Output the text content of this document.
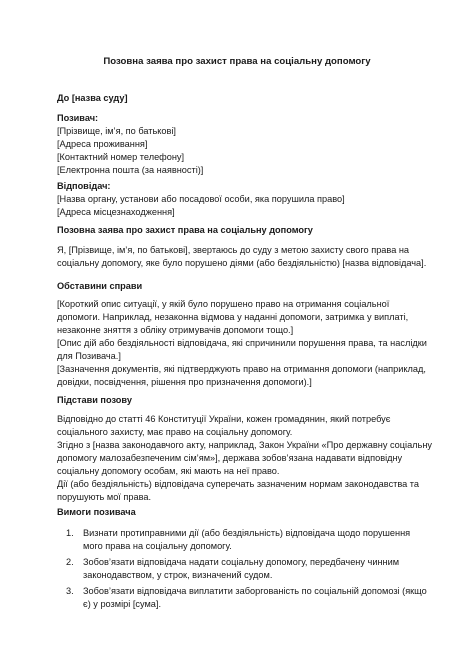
Позовна заява про захист права на соціальну допомогу
До [назва суду]
Позивач:
[Прізвище, ім’я, по батькові]
[Адреса проживання]
[Контактний номер телефону]
[Електронна пошта (за наявності)]
Відповідач:
[Назва органу, установи або посадової особи, яка порушила право]
[Адреса місцезнаходження]
Позовна заява про захист права на соціальну допомогу
Я, [Прізвище, ім’я, по батькові], звертаюсь до суду з метою захисту свого права на
соціальну допомогу, яке було порушено діями (або бездіяльністю) [назва відповідача].
Обставини справи
[Короткий опис ситуації, у якій було порушено право на отримання соціальної
допомоги. Наприклад, незаконна відмова у наданні допомоги, затримка у виплаті,
незаконне зняття з обліку отримувачів допомоги тощо.]
[Опис дій або бездіяльності відповідача, які спричинили порушення права, та наслідки
для Позивача.]
[Зазначення документів, які підтверджують право на отримання допомоги (наприклад,
довідки, посвідчення, рішення про призначення допомоги).]
Підстави позову
Відповідно до статті 46 Конституції України, кожен громадянин, який потребує
соціального захисту, має право на соціальну допомогу.
Згідно з [назва законодавчого акту, наприклад, Закон України «Про державну соціальну
допомогу малозабезпеченим сім’ям»], держава зобов’язана надавати відповідну
соціальну допомогу особам, які мають на неї право.
Дії (або бездіяльність) відповідача суперечать зазначеним нормам законодавства та
порушують мої права.
Вимоги позивача
1. Визнати протиправними дії (або бездіяльність) відповідача щодо порушення
мого права на соціальну допомогу.
2. Зобов’язати відповідача надати соціальну допомогу, передбачену чинним
законодавством, у строк, визначений судом.
3. Зобов’язати відповідача виплатити заборгованість по соціальній допомозі (якщо
є) у розмірі [сума].
